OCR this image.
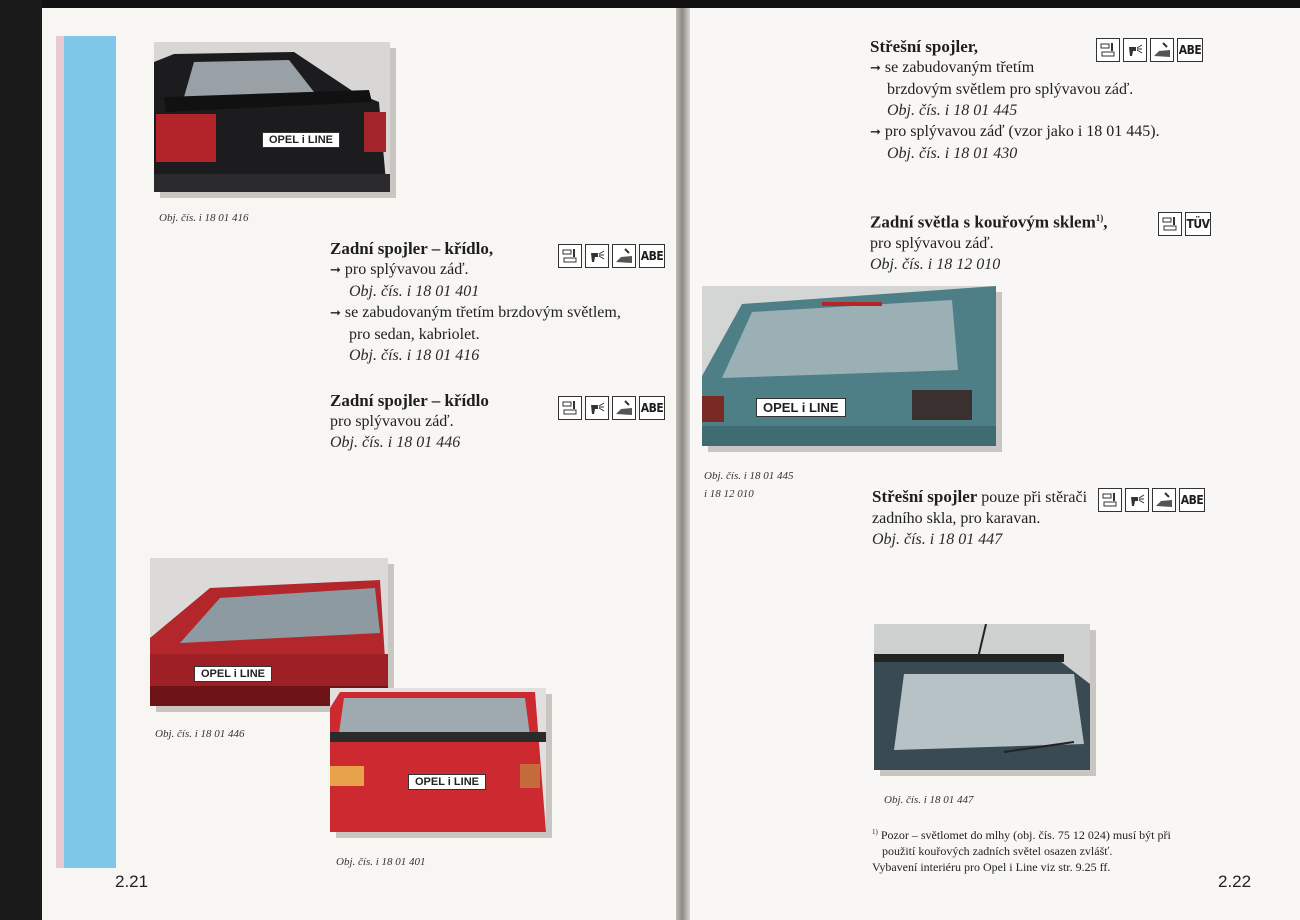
OPEL i LINE
Obj. čís. i 18 01 416
Zadní spojler – křídlo,
➞ pro splývavou záď.
Obj. čís. i 18 01 401
➞ se zabudovaným třetím brzdovým světlem,
pro sedan, kabriolet.
Obj. čís. i 18 01 416
ABE
Zadní spojler – křídlo
pro splývavou záď.
Obj. čís. i 18 01 446
ABE
OPEL i LINE
Obj. čís. i 18 01 446
OPEL i LINE
Obj. čís. i 18 01 401
2.21
Střešní spojler,
➞ se zabudovaným třetím
brzdovým světlem pro splývavou záď.
Obj. čís. i 18 01 445
➞ pro splývavou záď (vzor jako i 18 01 445).
Obj. čís. i 18 01 430
ABE
Zadní světla s kouřovým sklem$^{1)}$,
pro splývavou záď.
Obj. čís. i 18 12 010
TÜV
OPEL i LINE
Obj. čís. i 18 01 445
i 18 12 010	Střešní spojler pouze při stěrači
zadního skla, pro karavan.
Obj. čís. i 18 01 447
ABE
Obj. čís. i 18 01 447
$^{1)}$ Pozor – světlomet do mlhy (obj. čís. 75 12 024) musí být při
použití kouřových zadních světel osazen zvlášť.
Vybavení interiéru pro Opel i Line viz str. 9.25 ff.
2.22
